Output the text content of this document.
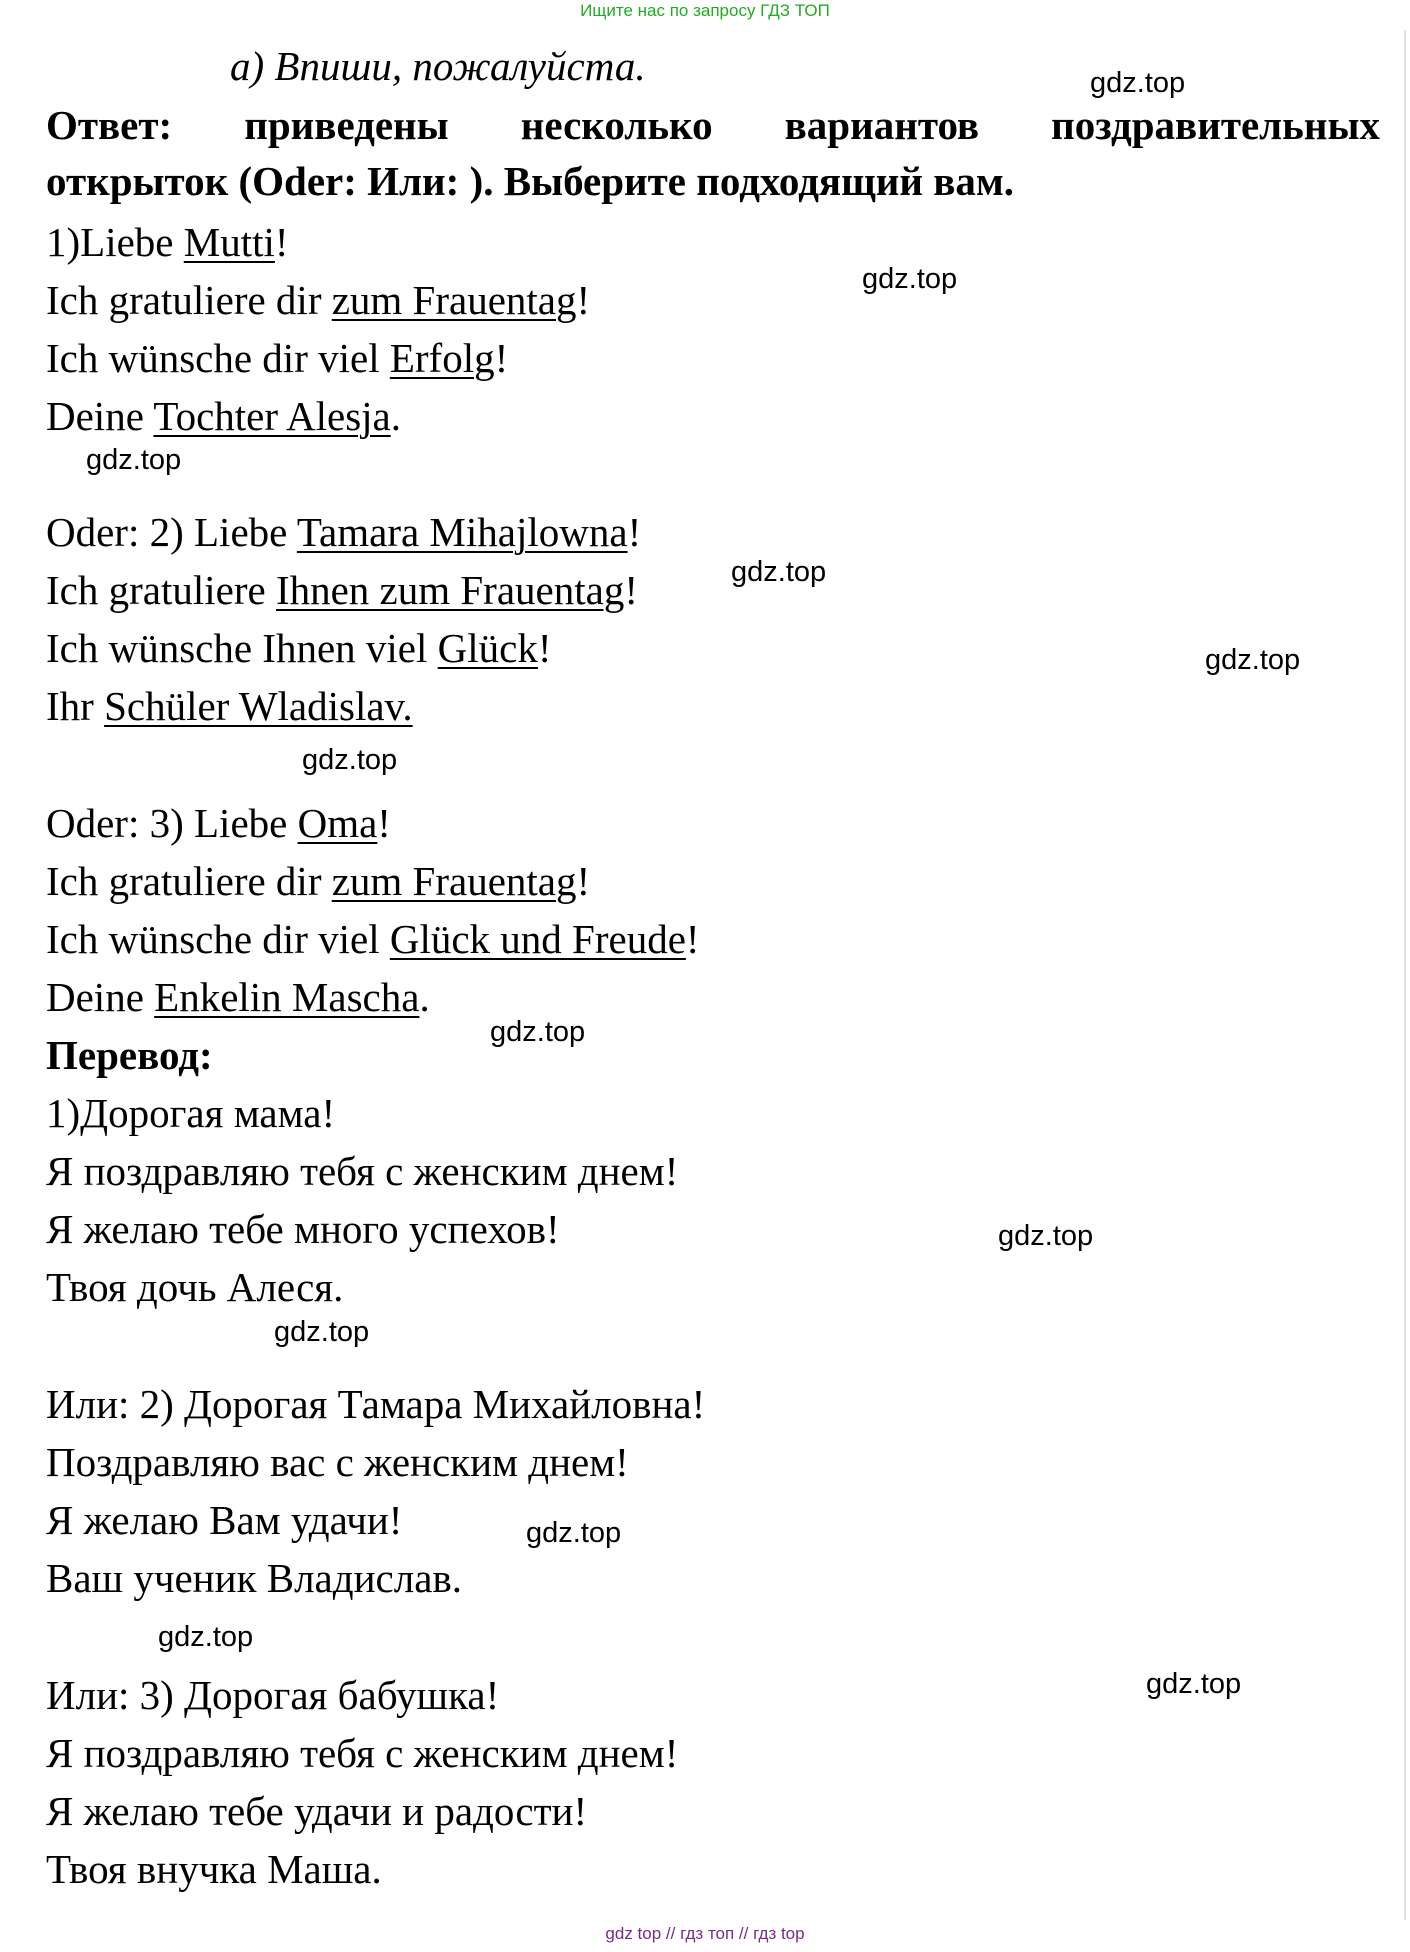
Ищите нас по запросу ГДЗ ТОП
а) Впиши, пожалуйста.
Ответ: приведены несколько вариантов поздравительных
открыток (Oder: Или: ). Выберите подходящий вам.
1)Liebe Mutti!
Ich gratuliere dir zum Frauentag!
Ich wünsche dir viel Erfolg!
Deine Tochter Alesja.
Oder: 2) Liebe Tamara Mihajlowna!
Ich gratuliere Ihnen zum Frauentag!
Ich wünsche Ihnen viel Glück!
Ihr Schüler Wladislav.
Oder: 3) Liebe Oma!
Ich gratuliere dir zum Frauentag!
Ich wünsche dir viel Glück und Freude!
Deine Enkelin Mascha.
Перевод:
1)Дорогая мама!
Я поздравляю тебя с женским днем!
Я желаю тебе много успехов!
Твоя дочь Алеся.
Или: 2) Дорогая Тамара Михайловна!
Поздравляю вас с женским днем!
Я желаю Вам удачи!
Ваш ученик Владислав.
Или: 3) Дорогая бабушка!
Я поздравляю тебя с женским днем!
Я желаю тебе удачи и радости!
Твоя внучка Маша.
gdz.top
gdz.top
gdz.top
gdz.top
gdz.top
gdz.top
gdz.top
gdz.top
gdz.top
gdz.top
gdz.top
gdz.top
gdz top // гдз топ // гдз top
